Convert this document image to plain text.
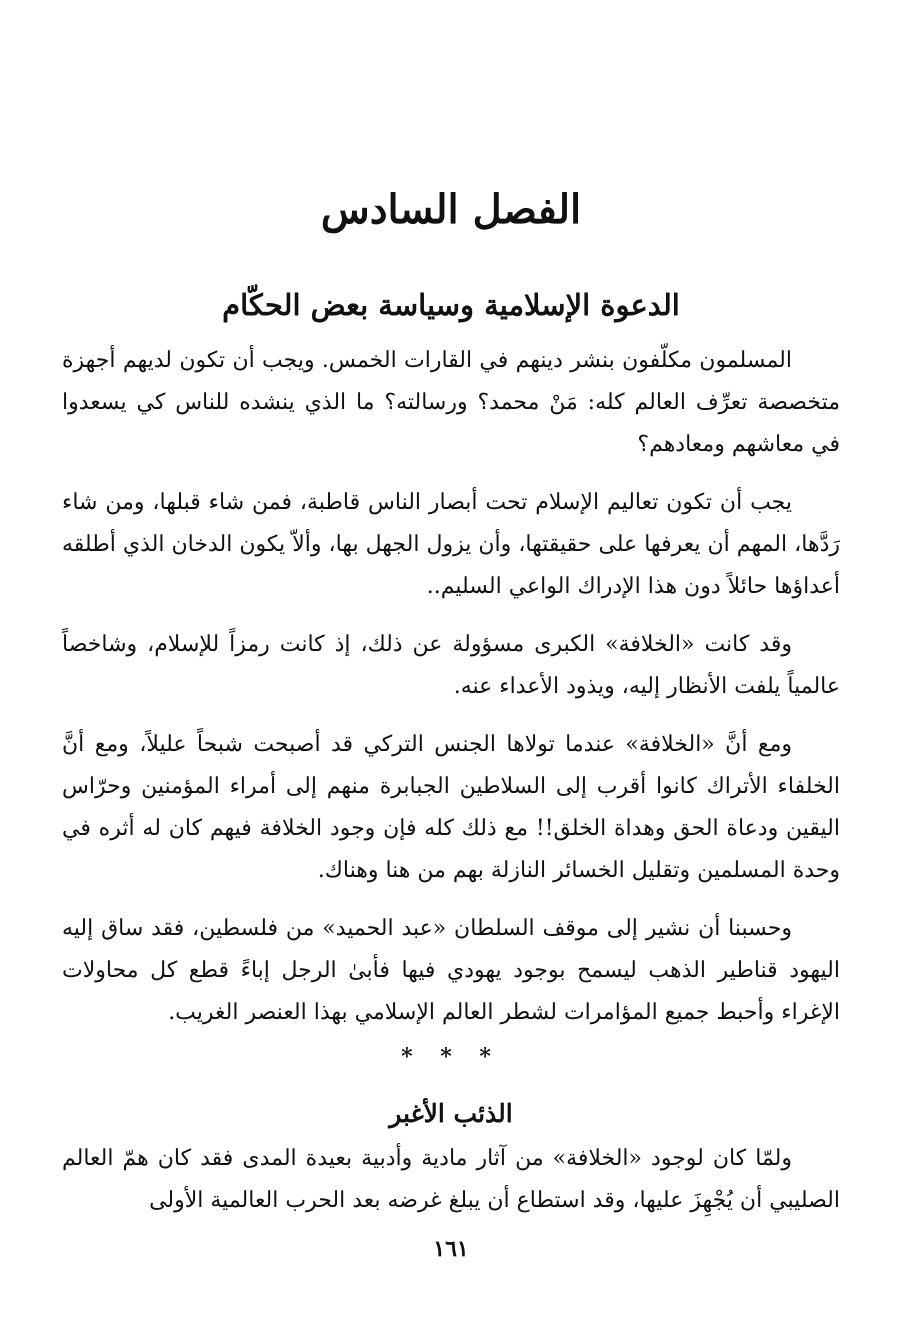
الفصل السادس
الدعوة الإسلامية وسياسة بعض الحكّام

المسلمون مكلّفون بنشر دينهم في القارات الخمس. ويجب أن تكون لديهم أجهزة متخصصة تعرِّف العالم كله: مَنْ محمد؟ ورسالته؟ ما الذي ينشده للناس كي يسعدوا في معاشهم ومعادهم؟

يجب أن تكون تعاليم الإسلام تحت أبصار الناس قاطبة، فمن شاء قبلها، ومن شاء رَدَّها، المهم أن يعرفها على حقيقتها، وأن يزول الجهل بها، وألاّ يكون الدخان الذي أطلقه أعداؤها حائلاً دون هذا الإدراك الواعي السليم..

وقد كانت «الخلافة» الكبرى مسؤولة عن ذلك، إذ كانت رمزاً للإسلام، وشاخصاً عالمياً يلفت الأنظار إليه، ويذود الأعداء عنه.

ومع أنَّ «الخلافة» عندما تولاها الجنس التركي قد أصبحت شبحاً عليلاً، ومع أنَّ الخلفاء الأتراك كانوا أقرب إلى السلاطين الجبابرة منهم إلى أمراء المؤمنين وحرّاس اليقين ودعاة الحق وهداة الخلق!! مع ذلك كله فإن وجود الخلافة فيهم كان له أثره في وحدة المسلمين وتقليل الخسائر النازلة بهم من هنا وهناك.

وحسبنا أن نشير إلى موقف السلطان «عبد الحميد» من فلسطين، فقد ساق إليه اليهود قناطير الذهب ليسمح بوجود يهودي فيها فأبىٰ الرجل إباءً قطع كل محاولات الإغراء وأحبط جميع المؤامرات لشطر العالم الإسلامي بهذا العنصر الغريب.

* * *
الذئب الأغبر

ولمّا كان لوجود «الخلافة» من آثار مادية وأدبية بعيدة المدى فقد كان همّ العالم الصليبي أن يُجْهِزَ عليها، وقد استطاع أن يبلغ غرضه بعد الحرب العالمية الأولى

١٦١
